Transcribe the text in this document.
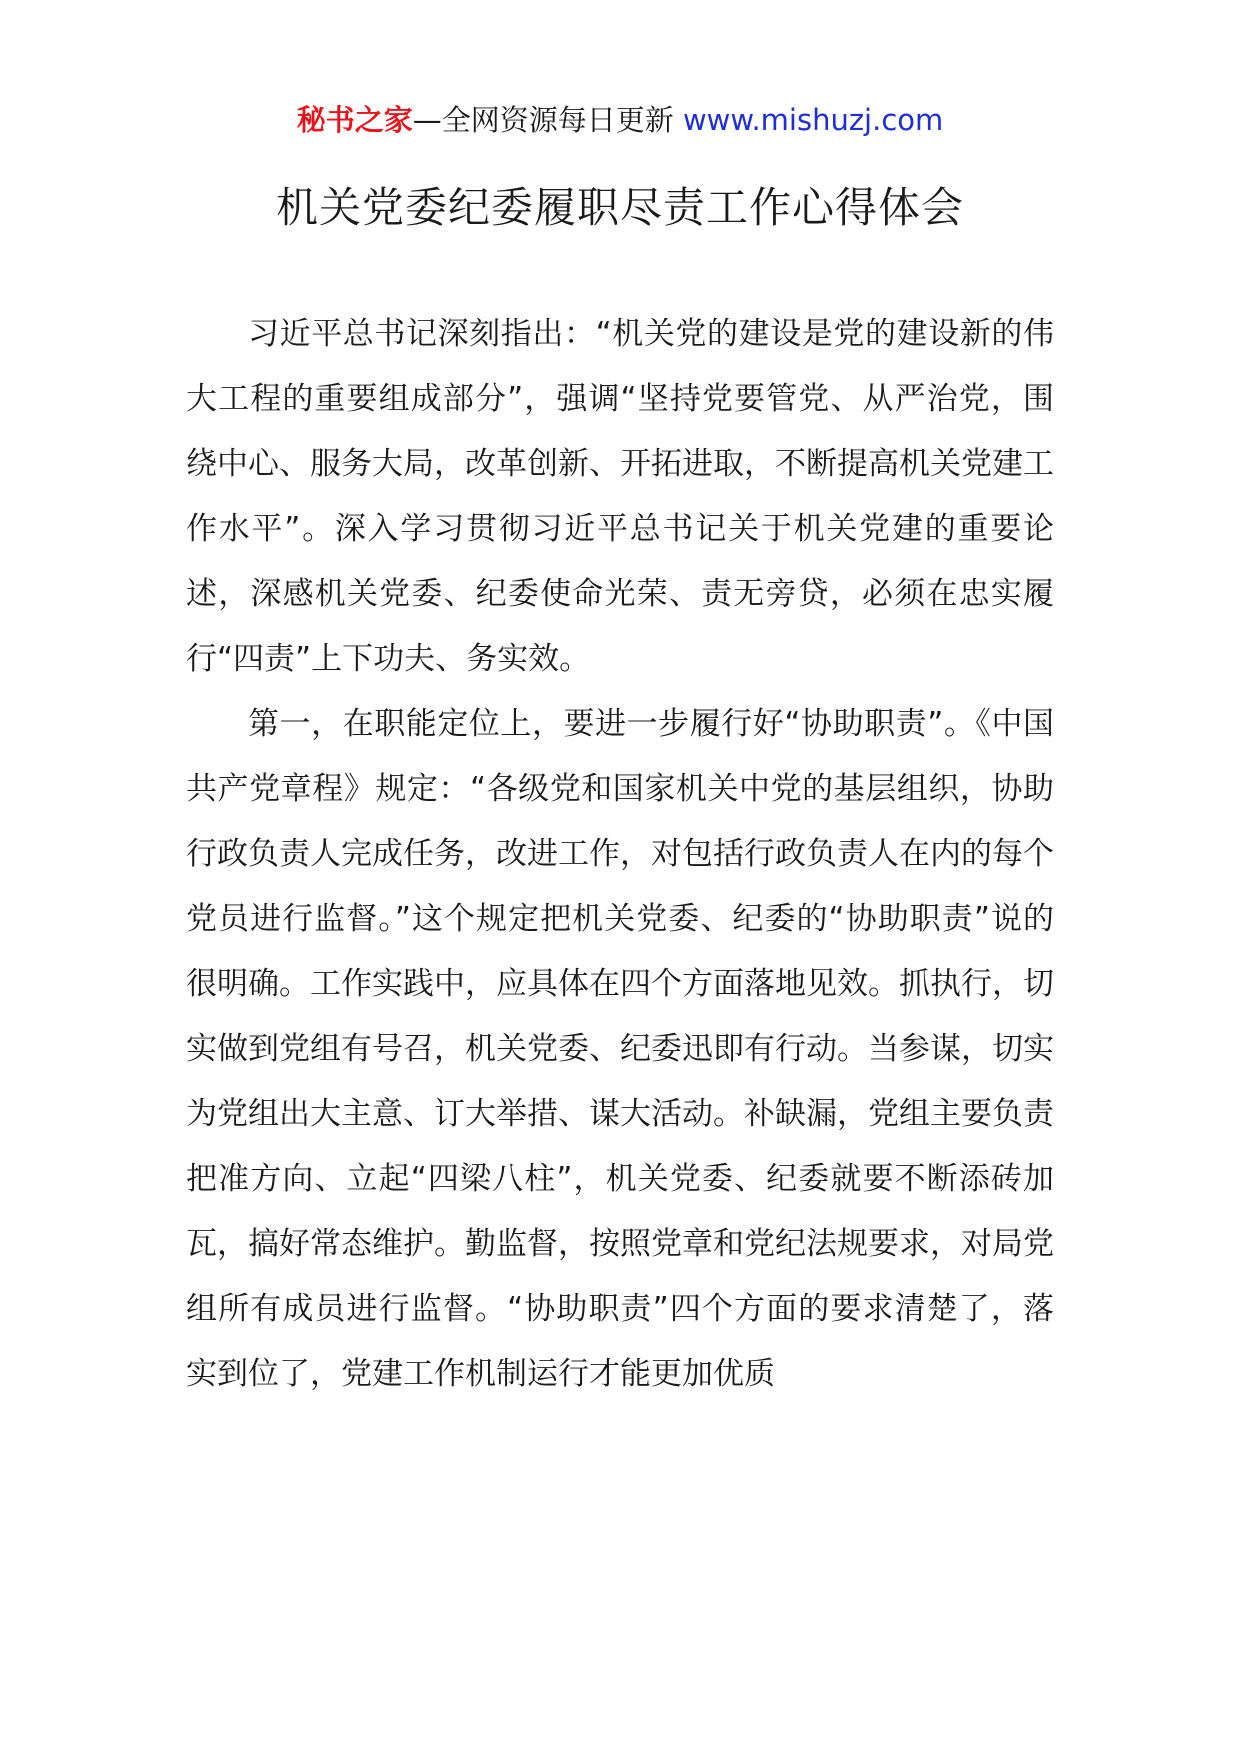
秘书之家—全网资源每日更新 www.mishuzj.com
机关党委纪委履职尽责工作心得体会

习近平总书记深刻指出：“机关党的建设是党的建设新的伟大工程的重要组成部分”，强调“坚持党要管党、从严治党，围绕中心、服务大局，改革创新、开拓进取，不断提高机关党建工作水平”。深入学习贯彻习近平总书记关于机关党建的重要论述，深感机关党委、纪委使命光荣、责无旁贷，必须在忠实履行“四责”上下功夫、务实效。

第一，在职能定位上，要进一步履行好“协助职责”。《中国共产党章程》规定：“各级党和国家机关中党的基层组织，协助行政负责人完成任务，改进工作，对包括行政负责人在内的每个党员进行监督。”这个规定把机关党委、纪委的“协助职责”说的很明确。工作实践中，应具体在四个方面落地见效。抓执行，切实做到党组有号召，机关党委、纪委迅即有行动。当参谋，切实为党组出大主意、订大举措、谋大活动。补缺漏，党组主要负责把准方向、立起“四梁八柱”，机关党委、纪委就要不断添砖加瓦，搞好常态维护。勤监督，按照党章和党纪法规要求，对局党组所有成员进行监督。“协助职责”四个方面的要求清楚了，落实到位了，党建工作机制运行才能更加优质
